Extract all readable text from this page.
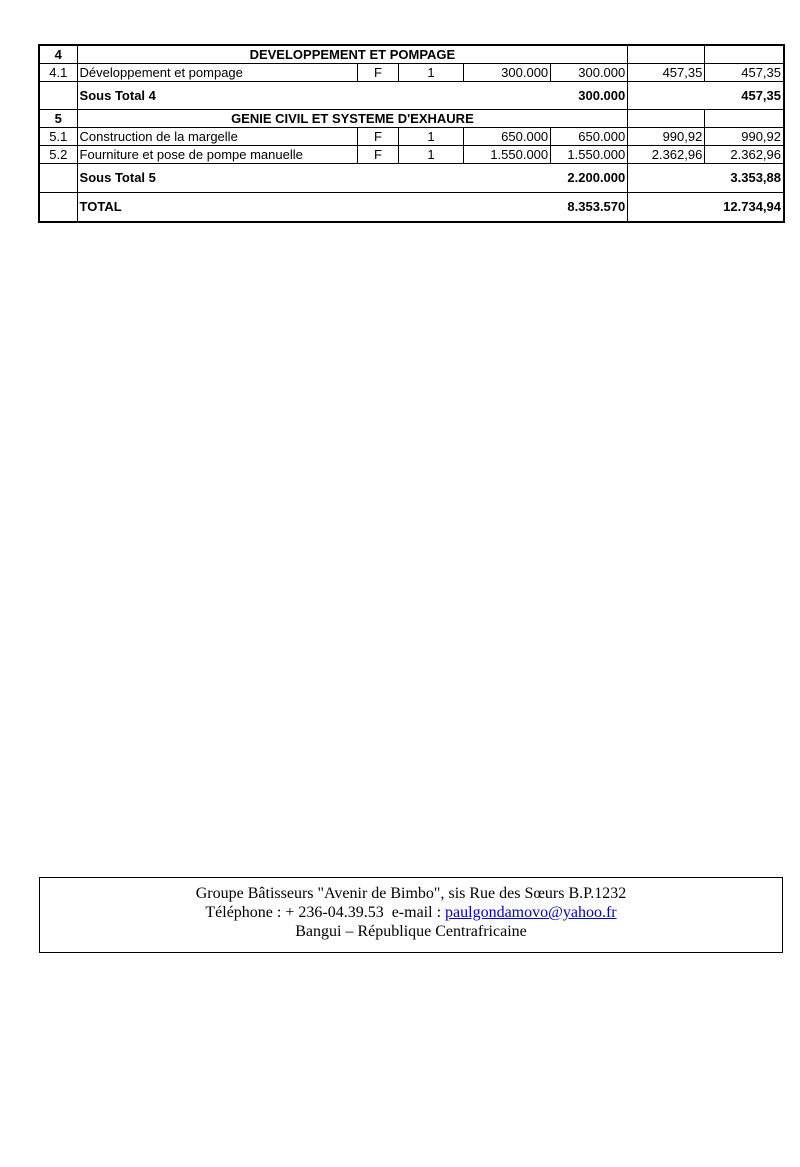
4	DEVELOPPEMENT ET POMPAGE						
4.1	Développement et pompage	F	1	300.000	300.000	457,35	457,35
	Sous Total 4				300.000		457,35
5	GENIE CIVIL ET SYSTEME D'EXHAURE						
5.1	Construction de la margelle	F	1	650.000	650.000	990,92	990,92
5.2	Fourniture et pose de pompe manuelle	F	1	1.550.000	1.550.000	2.362,96	2.362,96
	Sous Total 5				2.200.000		3.353,88
	TOTAL				8.353.570		12.734,94
Groupe Bâtisseurs "Avenir de Bimbo", sis Rue des Sœurs B.P.1232
Téléphone : + 236-04.39.53  e-mail : paulgondamovo@yahoo.fr
Bangui – République Centrafricaine
